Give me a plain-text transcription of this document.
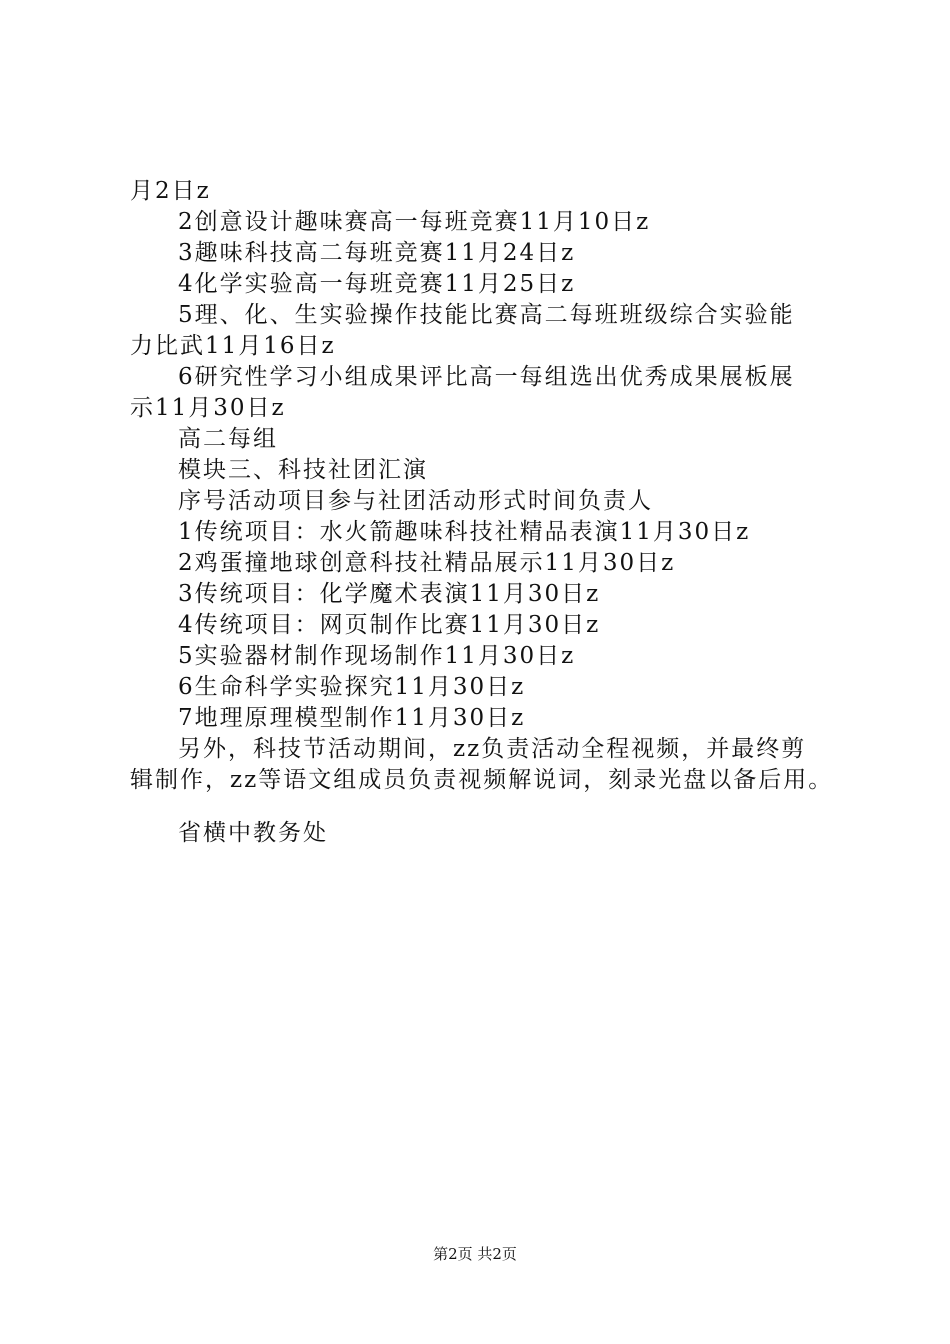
月2日z
2创意设计趣味赛高一每班竞赛11月10日z
3趣味科技高二每班竞赛11月24日z
4化学实验高一每班竞赛11月25日z
5理、化、生实验操作技能比赛高二每班班级综合实验能
力比武11月16日z
6研究性学习小组成果评比高一每组选出优秀成果展板展
示11月30日z
高二每组
模块三、科技社团汇演
序号活动项目参与社团活动形式时间负责人
1传统项目：水火箭趣味科技社精品表演11月30日z
2鸡蛋撞地球创意科技社精品展示11月30日z
3传统项目：化学魔术表演11月30日z
4传统项目：网页制作比赛11月30日z
5实验器材制作现场制作11月30日z
6生命科学实验探究11月30日z
7地理原理模型制作11月30日z
另外，科技节活动期间，zz负责活动全程视频，并最终剪
辑制作，zz等语文组成员负责视频解说词，刻录光盘以备后用。
省横中教务处
第2页 共2页
